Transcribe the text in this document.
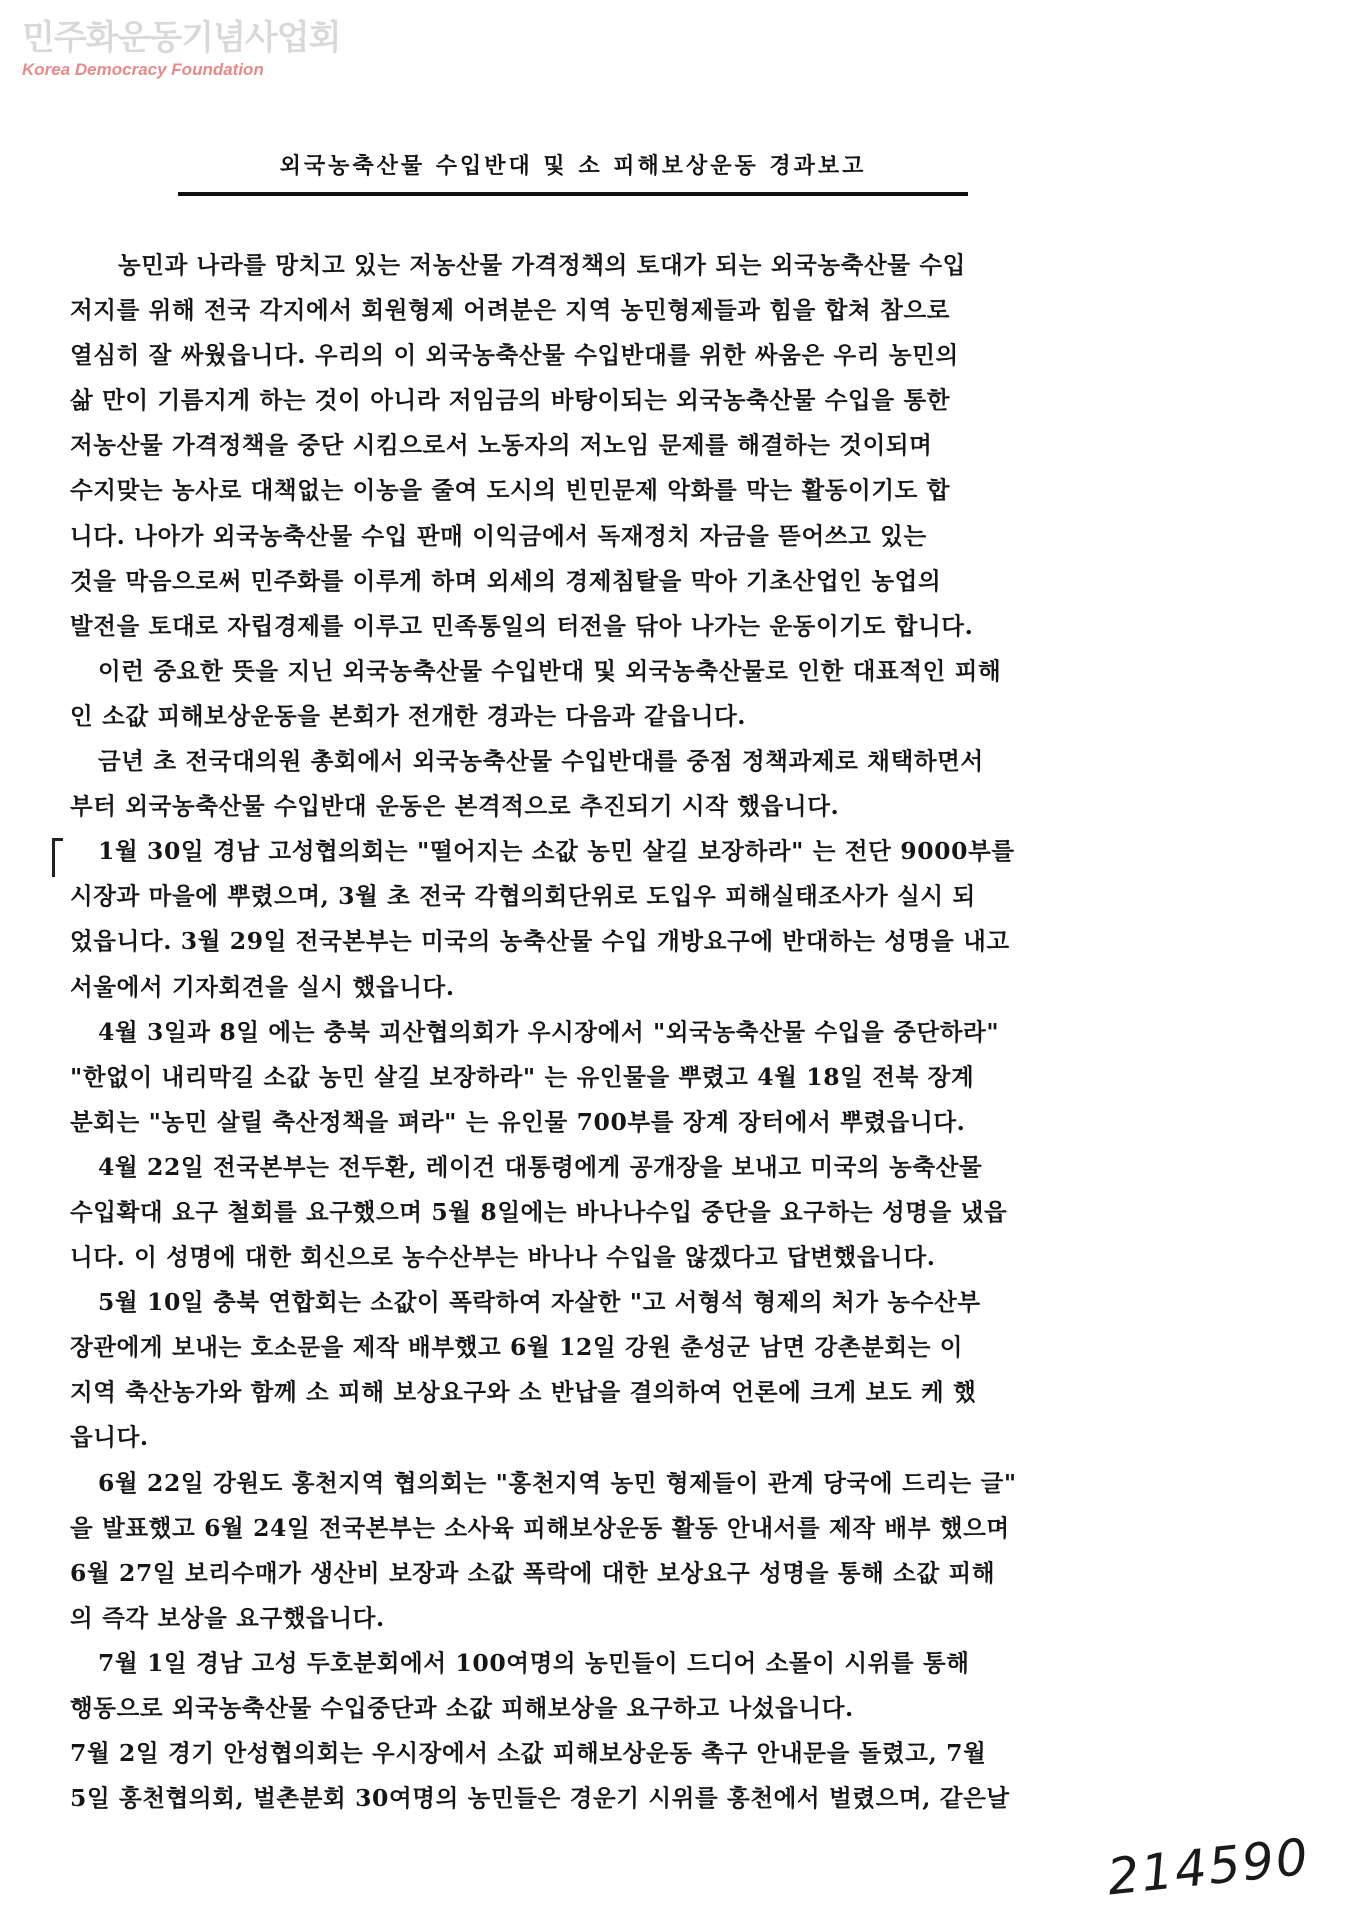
민주화운동기념사업회
Korea Democracy Foundation
외국농축산물 수입반대 및 소 피해보상운동 경과보고
농민과 나라를 망치고 있는 저농산물 가격정책의 토대가 되는 외국농축산물 수입
저지를 위해 전국 각지에서 회원형제 어려분은 지역 농민형제들과 힘을 합쳐 참으로
열심히 잘 싸웠읍니다. 우리의 이 외국농축산물 수입반대를 위한 싸움은 우리 농민의
삶 만이 기름지게 하는 것이 아니라 저임금의 바탕이되는 외국농축산물 수입을 통한
저농산물 가격정책을 중단 시킴으로서 노동자의 저노임 문제를 해결하는 것이되며
수지맞는 농사로 대책없는 이농을 줄여 도시의 빈민문제 악화를 막는 활동이기도 합
니다. 나아가 외국농축산물 수입 판매 이익금에서 독재정치 자금을 뜯어쓰고 있는
것을 막음으로써 민주화를 이루게 하며 외세의 경제침탈을 막아 기초산업인 농업의
발전을 토대로 자립경제를 이루고 민족통일의 터전을 닦아 나가는 운동이기도 합니다.
이런 중요한 뜻을 지닌 외국농축산물 수입반대 및 외국농축산물로 인한 대표적인 피해
인 소값 피해보상운동을 본회가 전개한 경과는 다음과 같읍니다.
금년 초 전국대의원 총회에서 외국농축산물 수입반대를 중점 정책과제로 채택하면서
부터 외국농축산물 수입반대 운동은 본격적으로 추진되기 시작 했읍니다.
1월 30일 경남 고성협의회는 "떨어지는 소값 농민 살길 보장하라" 는 전단 9000부를
시장과 마을에 뿌렸으며, 3월 초 전국 각협의회단위로 도입우 피해실태조사가 실시 되
었읍니다. 3월 29일 전국본부는 미국의 농축산물 수입 개방요구에 반대하는 성명을 내고
서울에서 기자회견을 실시 했읍니다.
4월 3일과 8일 에는 충북 괴산협의회가 우시장에서 "외국농축산물 수입을 중단하라"
"한없이 내리막길 소값 농민 살길 보장하라" 는 유인물을 뿌렸고 4월 18일 전북 장계
분회는 "농민 살릴 축산정책을 펴라" 는 유인물 700부를 장계 장터에서 뿌렸읍니다.
4월 22일 전국본부는 전두환, 레이건 대통령에게 공개장을 보내고 미국의 농축산물
수입확대 요구 철회를 요구했으며 5월 8일에는 바나나수입 중단을 요구하는 성명을 냈읍
니다. 이 성명에 대한 회신으로 농수산부는 바나나 수입을 않겠다고 답변했읍니다.
5월 10일 충북 연합회는 소값이 폭락하여 자살한 "고 서형석 형제의 처가 농수산부
장관에게 보내는 호소문을 제작 배부했고 6월 12일 강원 춘성군 남면 강촌분회는 이
지역 축산농가와 함께 소 피해 보상요구와 소 반납을 결의하여 언론에 크게 보도 케 했
읍니다.
6월 22일 강원도 홍천지역 협의회는 "홍천지역 농민 형제들이 관계 당국에 드리는 글"
을 발표했고 6월 24일 전국본부는 소사육 피해보상운동 활동 안내서를 제작 배부 했으며
6월 27일 보리수매가 생산비 보장과 소값 폭락에 대한 보상요구 성명을 통해 소값 피해
의 즉각 보상을 요구했읍니다.
7월 1일 경남 고성 두호분회에서 100여명의 농민들이 드디어 소몰이 시위를 통해
행동으로 외국농축산물 수입중단과 소값 피해보상을 요구하고 나섰읍니다.
7월 2일 경기 안성협의회는 우시장에서 소값 피해보상운동 촉구 안내문을 돌렸고, 7월
5일 홍천협의회, 벌촌분회 30여명의 농민들은 경운기 시위를 홍천에서 벌렸으며, 같은날
214590
